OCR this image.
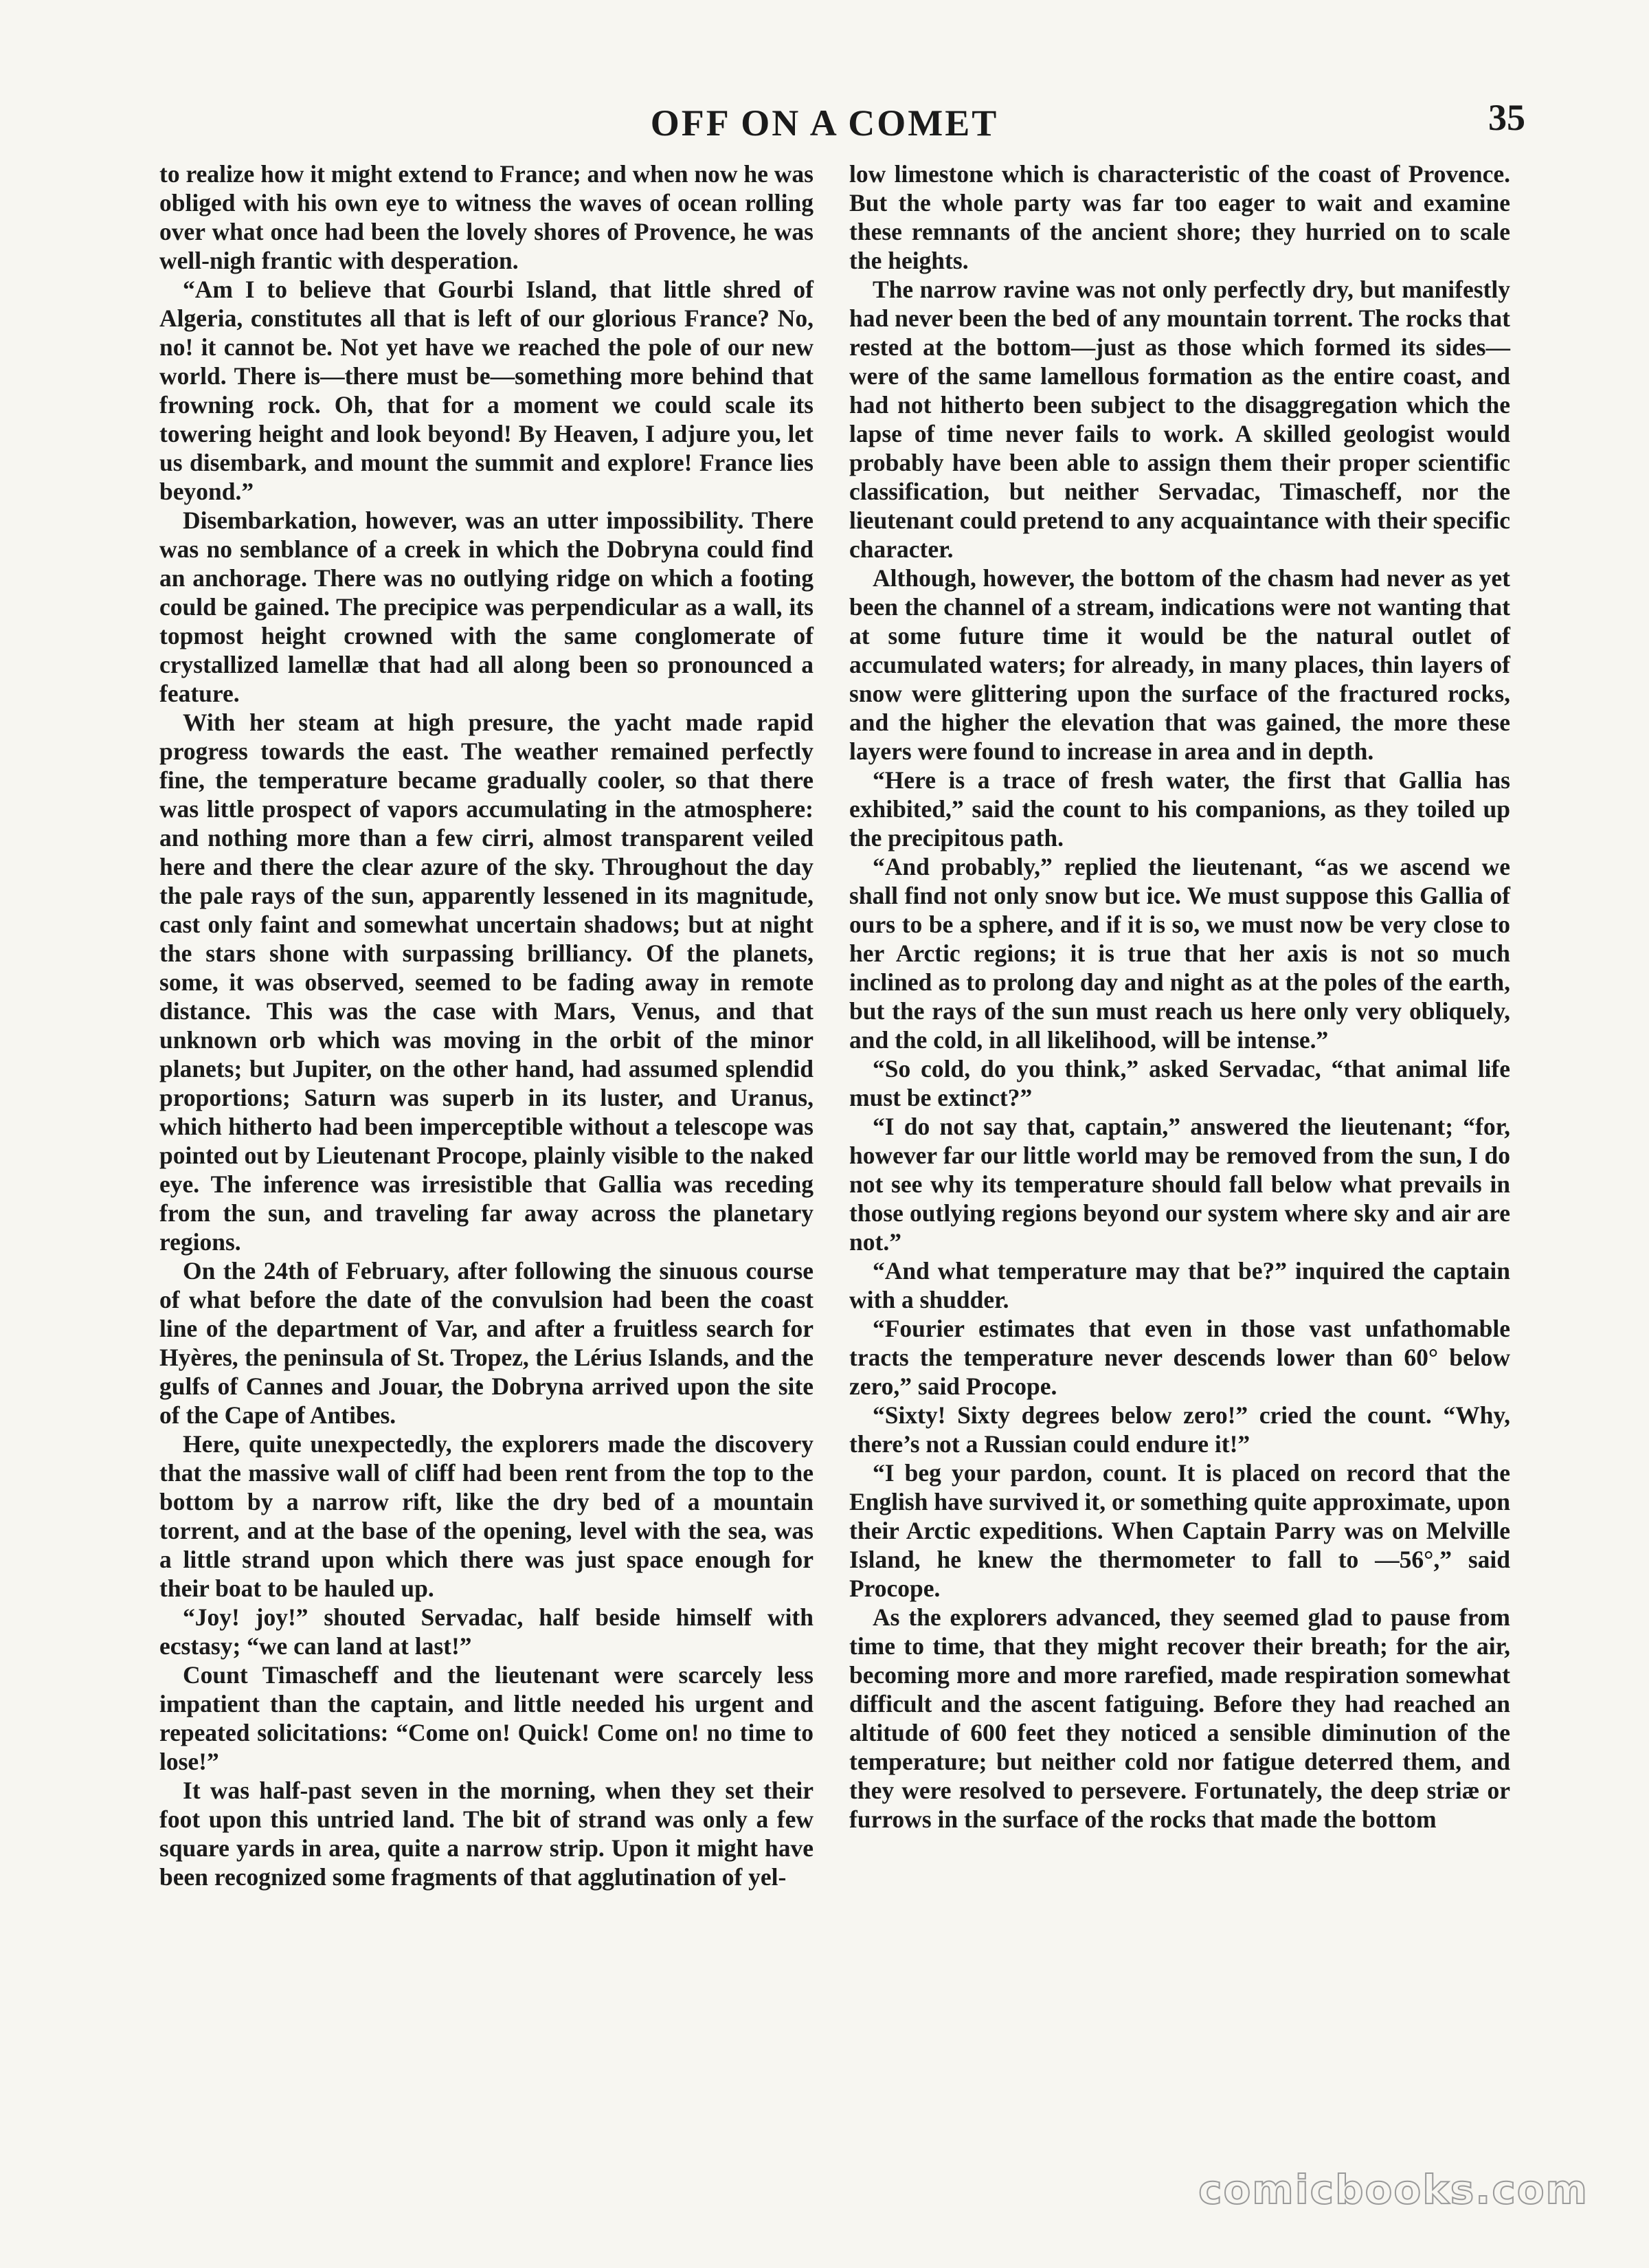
OFF ON A COMET	35

to realize how it might extend to France; and when now he was obliged with his own eye to witness the waves of ocean rolling over what once had been the lovely shores of Provence, he was well-nigh frantic with desperation.

“Am I to believe that Gourbi Island, that little shred of Algeria, constitutes all that is left of our glorious France? No, no! it cannot be. Not yet have we reached the pole of our new world. There is—there must be—something more behind that frowning rock. Oh, that for a moment we could scale its towering height and look beyond! By Heaven, I adjure you, let us disembark, and mount the summit and explore! France lies beyond.”

Disembarkation, however, was an utter impossibility. There was no semblance of a creek in which the Dobryna could find an anchorage. There was no outlying ridge on which a footing could be gained. The precipice was perpendicular as a wall, its topmost height crowned with the same conglomerate of crystallized lamellæ that had all along been so pronounced a feature.

With her steam at high presure, the yacht made rapid progress towards the east. The weather remained perfectly fine, the temperature became gradually cooler, so that there was little prospect of vapors accumulating in the atmosphere: and nothing more than a few cirri, almost transparent veiled here and there the clear azure of the sky. Throughout the day the pale rays of the sun, apparently lessened in its magnitude, cast only faint and somewhat uncertain shadows; but at night the stars shone with surpassing brilliancy. Of the planets, some, it was observed, seemed to be fading away in remote distance. This was the case with Mars, Venus, and that unknown orb which was moving in the orbit of the minor planets; but Jupiter, on the other hand, had assumed splendid proportions; Saturn was superb in its luster, and Uranus, which hitherto had been imperceptible without a telescope was pointed out by Lieutenant Procope, plainly visible to the naked eye. The inference was irresistible that Gallia was receding from the sun, and traveling far away across the planetary regions.

On the 24th of February, after following the sinuous course of what before the date of the convulsion had been the coast line of the department of Var, and after a fruitless search for Hyères, the peninsula of St. Tropez, the Lérius Islands, and the gulfs of Cannes and Jouar, the Dobryna arrived upon the site of the Cape of Antibes.

Here, quite unexpectedly, the explorers made the discovery that the massive wall of cliff had been rent from the top to the bottom by a narrow rift, like the dry bed of a mountain torrent, and at the base of the opening, level with the sea, was a little strand upon which there was just space enough for their boat to be hauled up.

“Joy! joy!” shouted Servadac, half beside himself with ecstasy; “we can land at last!”

Count Timascheff and the lieutenant were scarcely less impatient than the captain, and little needed his urgent and repeated solicitations: “Come on! Quick! Come on! no time to lose!”

It was half-past seven in the morning, when they set their foot upon this untried land. The bit of strand was only a few square yards in area, quite a narrow strip. Upon it might have been recognized some fragments of that agglutination of yel-

low limestone which is characteristic of the coast of Provence. But the whole party was far too eager to wait and examine these remnants of the ancient shore; they hurried on to scale the heights.

The narrow ravine was not only perfectly dry, but manifestly had never been the bed of any mountain torrent. The rocks that rested at the bottom—just as those which formed its sides—were of the same lamellous formation as the entire coast, and had not hitherto been subject to the disaggregation which the lapse of time never fails to work. A skilled geologist would probably have been able to assign them their proper scientific classification, but neither Servadac, Timascheff, nor the lieutenant could pretend to any acquaintance with their specific character.

Although, however, the bottom of the chasm had never as yet been the channel of a stream, indications were not wanting that at some future time it would be the natural outlet of accumulated waters; for already, in many places, thin layers of snow were glittering upon the surface of the fractured rocks, and the higher the elevation that was gained, the more these layers were found to increase in area and in depth.

“Here is a trace of fresh water, the first that Gallia has exhibited,” said the count to his companions, as they toiled up the precipitous path.

“And probably,” replied the lieutenant, “as we ascend we shall find not only snow but ice. We must suppose this Gallia of ours to be a sphere, and if it is so, we must now be very close to her Arctic regions; it is true that her axis is not so much inclined as to prolong day and night as at the poles of the earth, but the rays of the sun must reach us here only very obliquely, and the cold, in all likelihood, will be intense.”

“So cold, do you think,” asked Servadac, “that animal life must be extinct?”

“I do not say that, captain,” answered the lieutenant; “for, however far our little world may be removed from the sun, I do not see why its temperature should fall below what prevails in those outlying regions beyond our system where sky and air are not.”

“And what temperature may that be?” inquired the captain with a shudder.

“Fourier estimates that even in those vast unfathomable tracts the temperature never descends lower than 60° below zero,” said Procope.

“Sixty! Sixty degrees below zero!” cried the count. “Why, there’s not a Russian could endure it!”

“I beg your pardon, count. It is placed on record that the English have survived it, or something quite approximate, upon their Arctic expeditions. When Captain Parry was on Melville Island, he knew the thermometer to fall to —56°,” said Procope.

As the explorers advanced, they seemed glad to pause from time to time, that they might recover their breath; for the air, becoming more and more rarefied, made respiration somewhat difficult and the ascent fatiguing. Before they had reached an altitude of 600 feet they noticed a sensible diminution of the temperature; but neither cold nor fatigue deterred them, and they were resolved to persevere. Fortunately, the deep striæ or furrows in the surface of the rocks that made the bottom

comicbooks.com
